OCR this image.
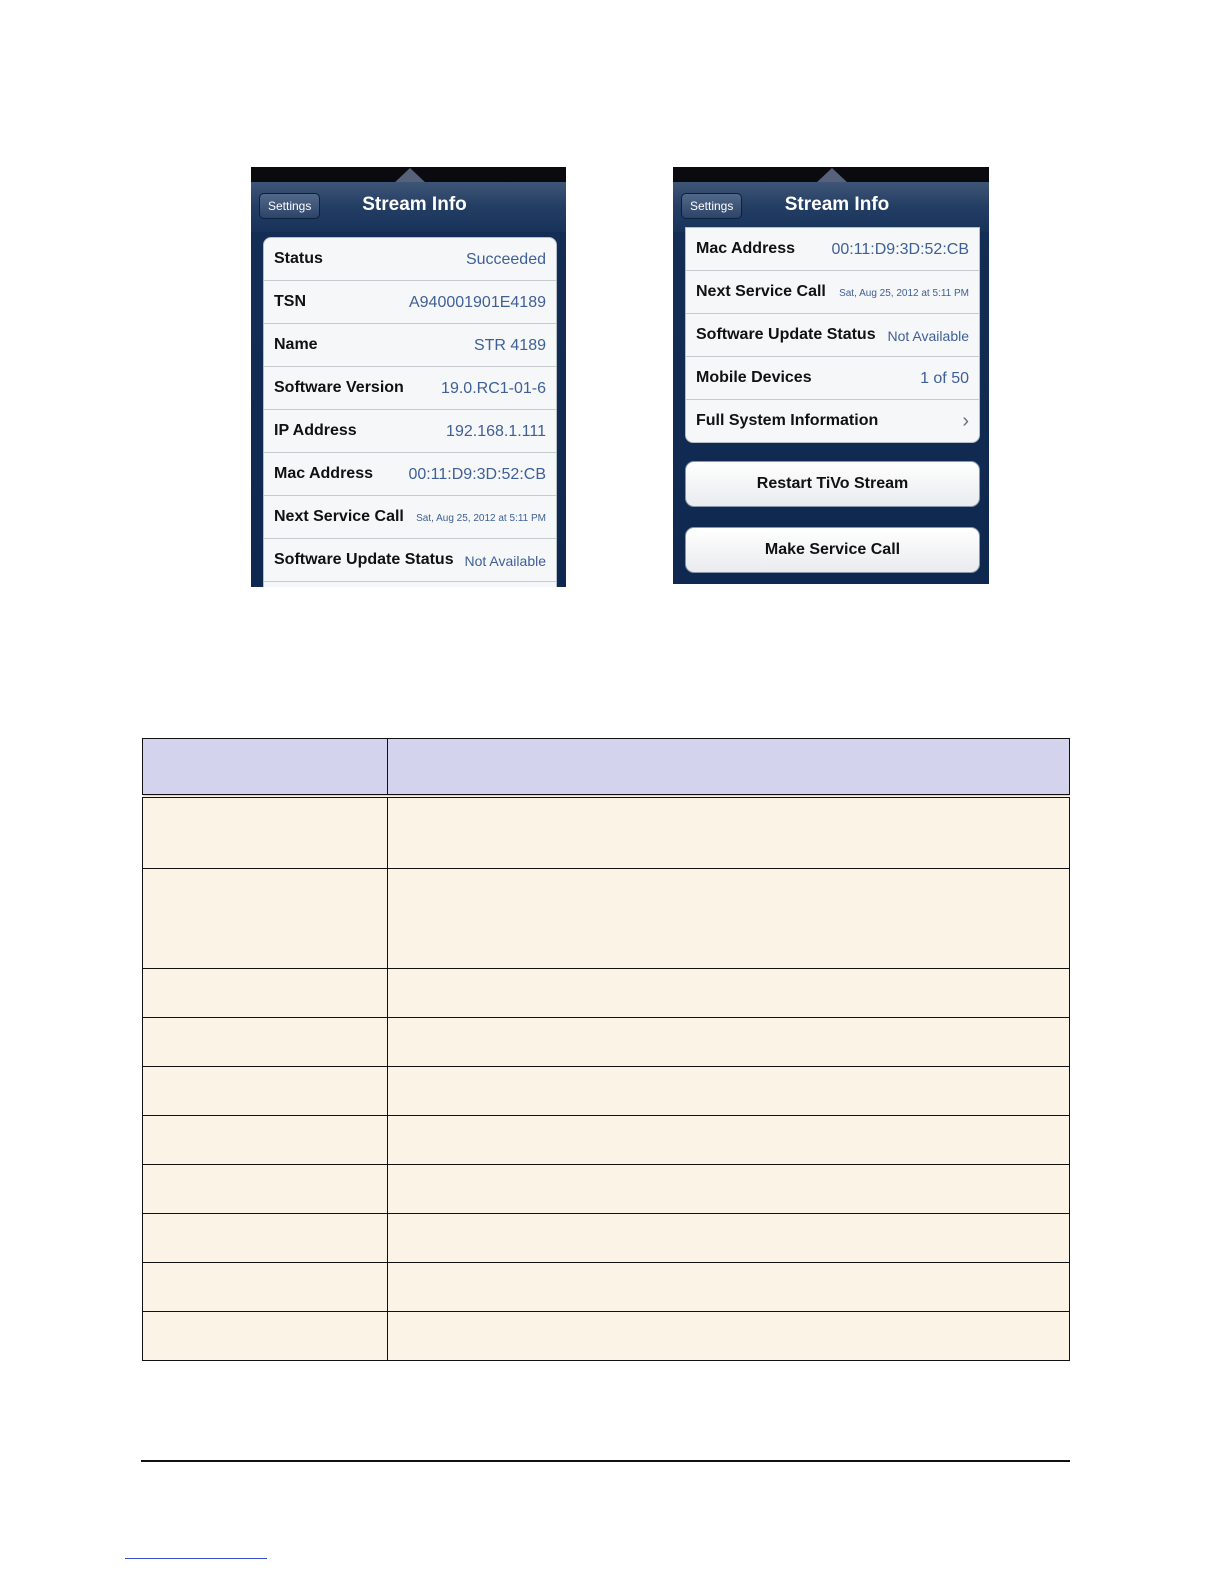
Settings	Stream Info
Status	Succeeded
TSN	A940001901E4189
Name	STR 4189
Software Version 19.0.RC1-01-6
IP Address	192.168.1.111
Mac Address 00:11:D9:3D:52:CB
Next Service Call Sat, Aug 25, 2012 at 5:11 PM
Software Update Status Not Available
Settings	Stream Info
Mac Address 00:11:D9:3D:52:CB
Next Service Call Sat, Aug 25, 2012 at 5:11 PM
Software Update Status Not Available
Mobile Devices	1 of 50
Full System Information	›
Restart TiVo Stream
Make Service Call
